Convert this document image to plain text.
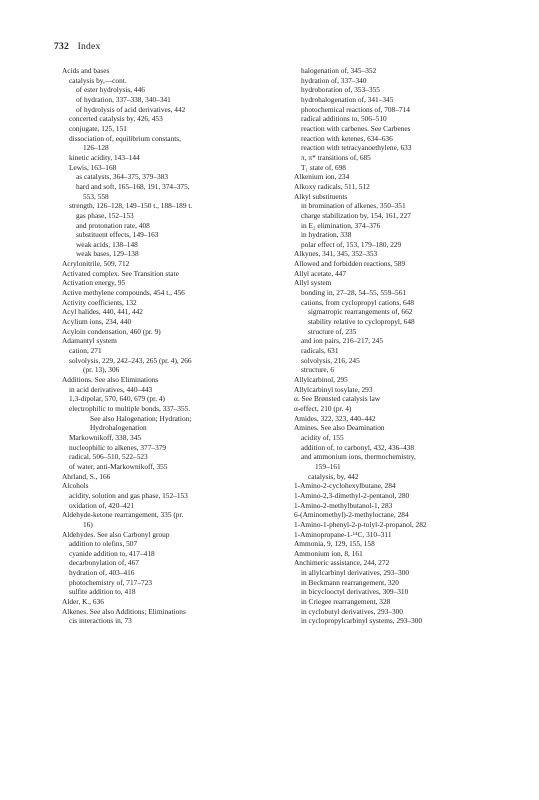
732 Index
Acids and bases
catalysis by,—cont.
of ester hydrolysis, 446
of hydration, 337–338, 340–341
of hydrolysis of acid derivatives, 442
concerted catalysis by, 426, 453
conjugate, 125, 151
dissociation of, equilibrium constants,
126–128
kinetic acidity, 143–144
Lewis, 163–168
as catalysts, 364–375, 379–383
hard and soft, 165–168, 191, 374–375,
553, 558
strength, 126–128, 149–150 t., 188–189 t.
gas phase, 152–153
and protonation rate, 408
substituent effects, 149–163
weak acids, 138–148
weak bases, 129–138
Acrylonitrile, 509, 712
Activated complex. See Transition state
Activation energy, 95
Active methylene compounds, 454 t., 456
Activity coefficients, 132
Acyl halides, 440, 441, 442
Acylium ions, 234, 440
Acyloin condensation, 460 (pr. 9)
Adamantyl system
cation, 271
solvolysis, 229, 242–243, 265 (pr. 4), 266
(pr. 13), 306
Additions. See also Eliminations
in acid derivatives, 440–443
1,3-dipolar, 570, 640, 679 (pr. 4)
electrophilic to multiple bonds, 337–355.
See also Halogenation; Hydration;
Hydrohalogenation
Markownikoff, 338, 345
nucleophilic to alkenes, 377–379
radical, 506–510, 522–523
of water, anti-Markownikoff, 355
Ahrland, S., 166
Alcohols
acidity, solution and gas phase, 152–153
oxidation of, 420–421
Aldehyde-ketone rearrangement, 335 (pr.
16)
Aldehydes. See also Carbonyl group
addition to olefins, 507
cyanide addition to, 417–418
decarbonylation of, 467
hydration of, 403–416
photochemistry of, 717–723
sulfite addition to, 418
Alder, K., 636
Alkenes. See also Additions; Eliminations
cis interactions in, 73
halogenation of, 345–352
hydration of, 337–340
hydroboration of, 353–355
hydrohalogenation of, 341–345
photochemical reactions of, 708–714
radical additions to, 506–510
reaction with carbenes. See Carbenes
reaction with ketenes, 634–636
reaction with tetracyanoethylene, 633
π, π* transitions of, 685
T₁ state of, 698
Alkenium ion, 234
Alkoxy radicals, 511, 512
Alkyl substituents
in bromination of alkenes, 350–351
charge stabilization by, 154, 161, 227
in E₂ elimination, 374–376
in hydration, 338
polar effect of, 153, 179–180, 229
Alkynes, 341, 345, 352–353
Allowed and forbidden reactions, 589
Allyl acetate, 447
Allyl system
bonding in, 27–28, 54–55, 559–561
cations, from cyclopropyl cations, 648
sigmatropic rearrangements of, 662
stability relative to cyclopropyl, 648
structure of, 235
and ion pairs, 216–217, 245
radicals, 631
solvolysis, 216, 245
structure, 6
Allylcarbinol, 295
Allylcarbinyl tosylate, 293
α. See Brønsted catalysis law
α-effect, 210 (pr. 4)
Amides, 322, 323, 440–442
Amines. See also Deamination
acidity of, 155
addition of, to carbonyl, 432, 436–438
and ammonium ions, thermochemistry,
159–161
catalysis, by, 442
1-Amino-2-cyclohexylbutane, 284
1-Amino-2,3-dimethyl-2-pentanol, 280
1-Amino-2-methylbutanol-1, 283
6-(Aminomethyl)-2-methyloctane, 284
1-Amino-1-phenyl-2-p-tolyl-2-propanol, 282
1-Aminopropane-1-¹⁴C, 310–311
Ammonia, 9, 129, 155, 158
Ammonium ion, 8, 161
Anchimeric assistance, 244, 272
in allylcarbinyl derivatives, 293–300
in Beckmann rearrangement, 320
in bicyclooctyl derivatives, 309–310
in Criegee rearrangement, 328
in cyclobutyl derivatives, 293–300
in cyclopropylcarbinyl systems, 293–300
